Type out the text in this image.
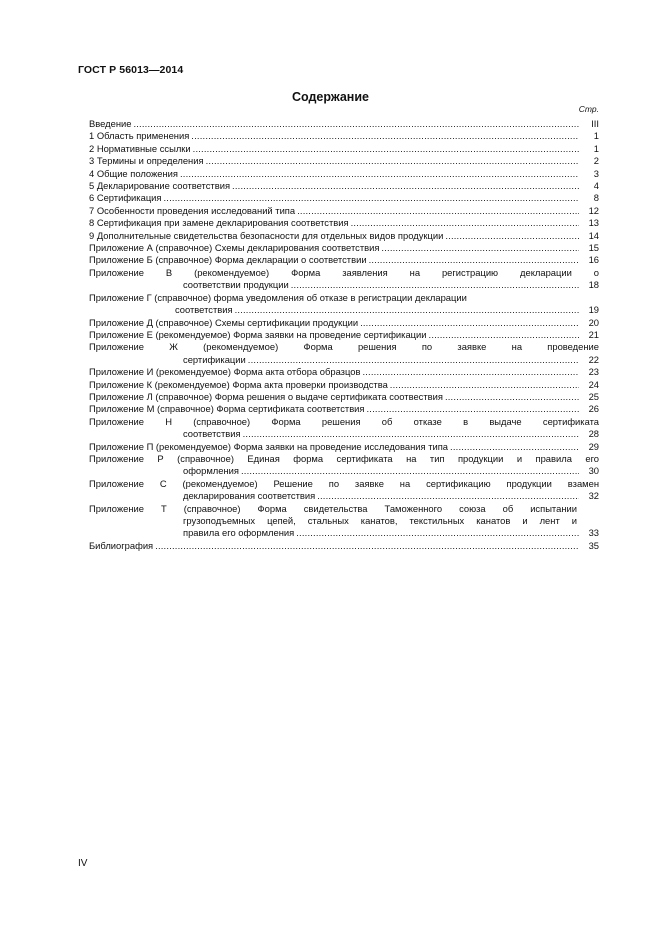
ГОСТ Р 56013—2014
Содержание
Стр.
Введение .....	III
1 Область применения .....	1
2 Нормативные ссылки .....	1
3 Термины и определения .....	2
4 Общие положения .....	3
5 Декларирование соответствия .....	4
6 Сертификация .....	8
7 Особенности проведения исследований типа .....	12
8 Сертификация при замене декларирования соответствия .....	13
9 Дополнительные свидетельства безопасности для отдельных видов продукции .....	14
Приложение А (справочное) Схемы декларирования соответствия .....	15
Приложение Б (справочное) Форма декларации о соответствии .....	16
Приложение В (рекомендуемое) Форма заявления на регистрацию декларации о
соответствии продукции .....	18
Приложение Г (справочное) форма уведомления об отказе в регистрации декларации
соответствия .....	19
Приложение Д (справочное) Схемы сертификации продукции .....	20
Приложение Е (рекомендуемое) Форма заявки на проведение сертификации .....	21
Приложение Ж (рекомендуемое) Форма решения по заявке на проведение
сертификации .....	22
Приложение И (рекомендуемое) Форма акта отбора образцов .....	23
Приложение К (рекомендуемое) Форма акта проверки производства .....	24
Приложение Л (справочное) Форма решения о выдаче сертификата соотвествия .....	25
Приложение М (справочное) Форма сертификата соответствия .....	26
Приложение Н (справочное) Форма решения об отказе в выдаче сертификата
соответствия .....	28
Приложение П (рекомендуемое) Форма заявки на проведение исследования типа .....	29
Приложение Р (справочное) Единая форма сертификата на тип продукции и правила его
оформления .....	30
Приложение С (рекомендуемое) Решение по заявке на сертификацию продукции взамен
декларирования соответствия .....	32
Приложение Т (справочное) Форма свидетельства Таможенного союза об испытании
грузоподъемных цепей, стальных канатов, текстильных канатов и лент и
правила его оформления .....	33
Библиография .....	35
IV
